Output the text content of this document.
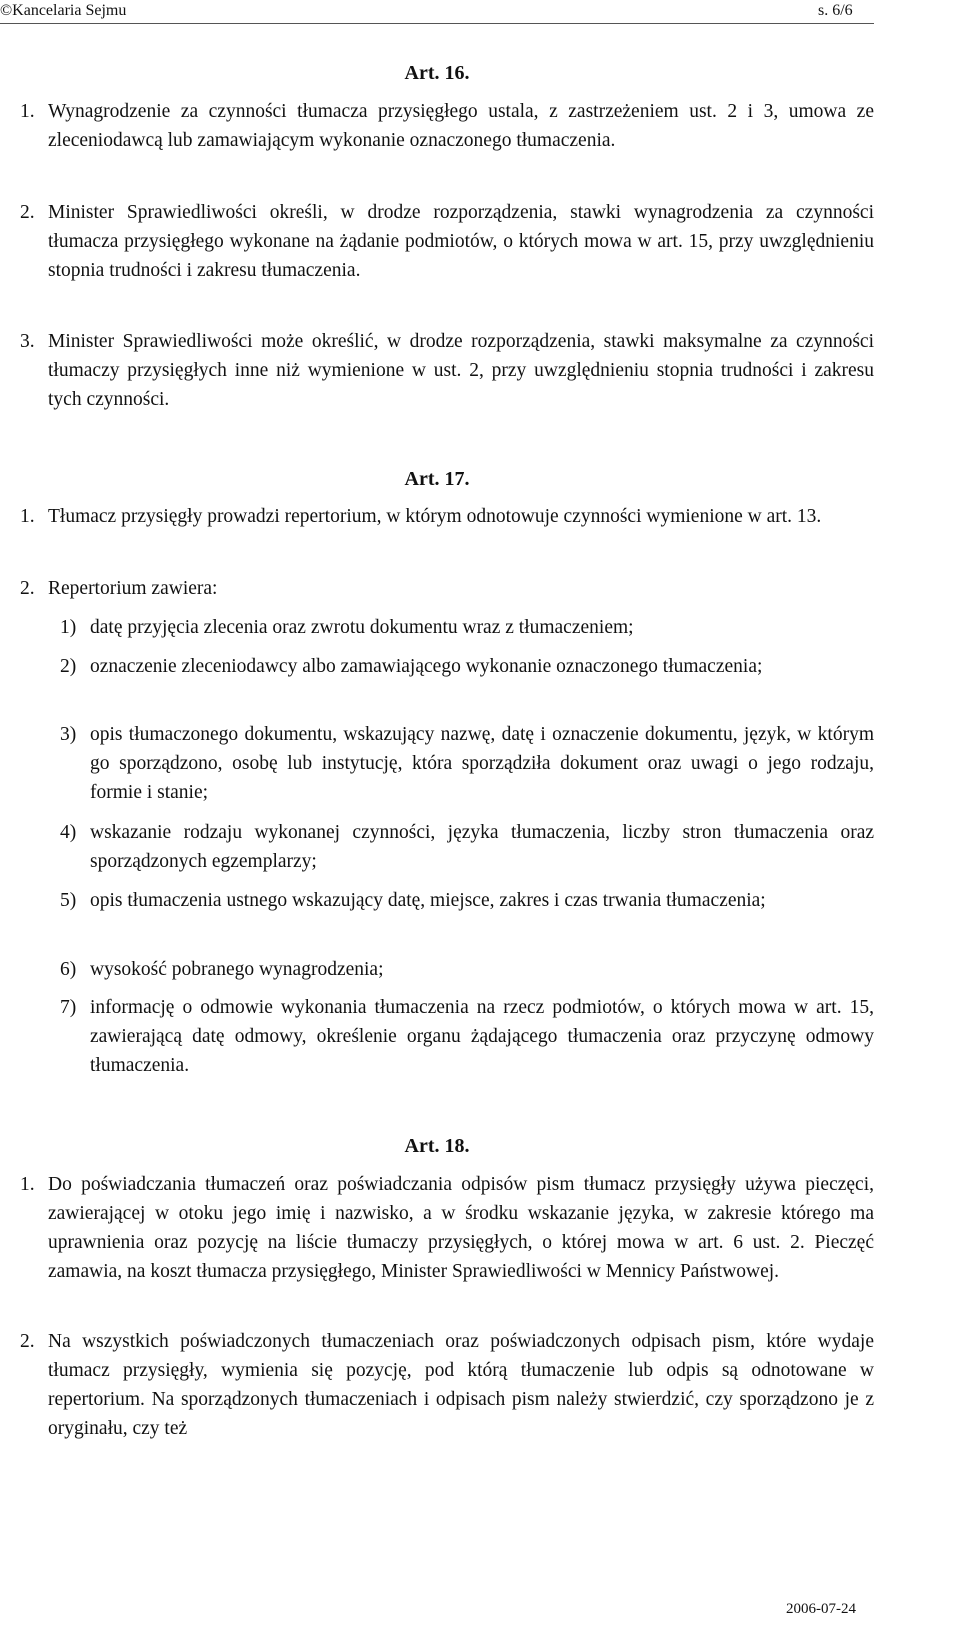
©Kancelaria Sejmu	s. 6/6
Art. 16.
1. Wynagrodzenie za czynności tłumacza przysięgłego ustala, z zastrzeżeniem ust. 2 i 3, umowa ze zleceniodawcą lub zamawiającym wykonanie oznaczonego tłumaczenia.
2. Minister Sprawiedliwości określi, w drodze rozporządzenia, stawki wynagrodzenia za czynności tłumacza przysięgłego wykonane na żądanie podmiotów, o których mowa w art. 15, przy uwzględnieniu stopnia trudności i zakresu tłumaczenia.
3. Minister Sprawiedliwości może określić, w drodze rozporządzenia, stawki maksymalne za czynności tłumaczy przysięgłych inne niż wymienione w ust. 2, przy uwzględnieniu stopnia trudności i zakresu tych czynności.
Art. 17.
1. Tłumacz przysięgły prowadzi repertorium, w którym odnotowuje czynności wymienione w art. 13.
2. Repertorium zawiera:
1) datę przyjęcia zlecenia oraz zwrotu dokumentu wraz z tłumaczeniem;
2) oznaczenie zleceniodawcy albo zamawiającego wykonanie oznaczonego tłumaczenia;
3) opis tłumaczonego dokumentu, wskazujący nazwę, datę i oznaczenie dokumentu, język, w którym go sporządzono, osobę lub instytucję, która sporządziła dokument oraz uwagi o jego rodzaju, formie i stanie;
4) wskazanie rodzaju wykonanej czynności, języka tłumaczenia, liczby stron tłumaczenia oraz sporządzonych egzemplarzy;
5) opis tłumaczenia ustnego wskazujący datę, miejsce, zakres i czas trwania tłumaczenia;
6) wysokość pobranego wynagrodzenia;
7) informację o odmowie wykonania tłumaczenia na rzecz podmiotów, o których mowa w art. 15, zawierającą datę odmowy, określenie organu żądającego tłumaczenia oraz przyczynę odmowy tłumaczenia.
Art. 18.
1. Do poświadczania tłumaczeń oraz poświadczania odpisów pism tłumacz przysięgły używa pieczęci, zawierającej w otoku jego imię i nazwisko, a w środku wskazanie języka, w zakresie którego ma uprawnienia oraz pozycję na liście tłumaczy przysięgłych, o której mowa w art. 6 ust. 2. Pieczęć zamawia, na koszt tłumacza przysięgłego, Minister Sprawiedliwości w Mennicy Państwowej.
2. Na wszystkich poświadczonych tłumaczeniach oraz poświadczonych odpisach pism, które wydaje tłumacz przysięgły, wymienia się pozycję, pod którą tłumaczenie lub odpis są odnotowane w repertorium. Na sporządzonych tłumaczeniach i odpisach pism należy stwierdzić, czy sporządzono je z oryginału, czy też
2006-07-24
